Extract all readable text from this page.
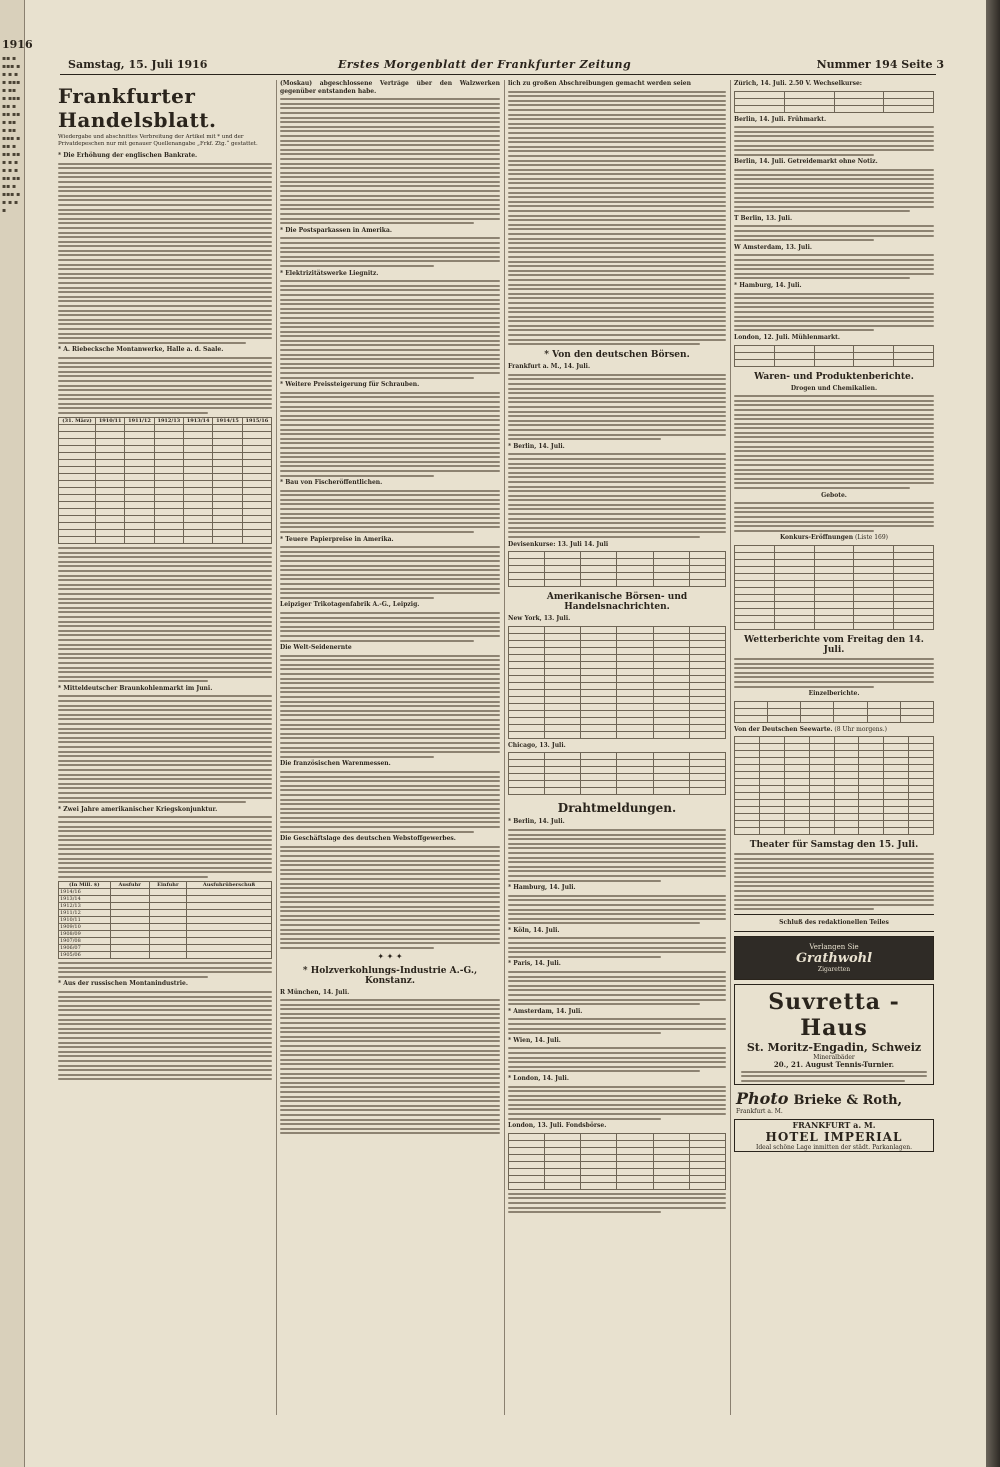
1916
▪▪ ▪ ▪▪▪ ▪▪ ▪ ▪▪ ▪▪▪ ▪ ▪▪ ▪ ▪▪▪ ▪▪ ▪ ▪▪ ▪▪▪ ▪▪ ▪ ▪▪ ▪▪▪ ▪ ▪▪ ▪ ▪▪ ▪▪▪ ▪ ▪▪ ▪ ▪▪▪ ▪▪ ▪▪ ▪ ▪▪▪ ▪▪ ▪ ▪▪
Samstag, 15. Juli 1916	Erstes Morgenblatt der Frankfurter Zeitung	Nummer 194 Seite 3
Frankfurter Handelsblatt.
Wiedergabe und abschnittes Verbreitung der Artikel mit * und der Privatdepeschen nur mit genauer Quellenangabe „Frkf. Ztg.“ gestattet.
* Die Erhöhung der englischen Bankrate.
* A. Riebecksche Montanwerke, Halle a. d. Saale.
(31. März)	1910/11	1911/12	1912/13	1913/14	1914/15	1915/16

* Mitteldeutscher Braunkohlenmarkt im Juni.
* Zwei Jahre amerikanischer Kriegskonjunktur.
(In Mill. $)	Ausfuhr	Einfuhr	Ausfuhrüberschuß
1914/16			
1913/14			
1912/13			
1911/12			
1910/11			
1909/10			
1908/09			
1907/08			
1906/07			
1905/06			
* Aus der russischen Montanindustrie.
(Moskau) abgeschlossene Verträge über den Walzwerken gegenüber entstanden habe.
* Die Postsparkassen in Amerika.
* Elektrizitätswerke Liegnitz.
* Weitere Preissteigerung für Schrauben.
* Bau von Fischeröffentlichen.
* Teuere Papierpreise in Amerika.
Leipziger Trikotagenfabrik A.-G., Leipzig.
Die Welt-Seidenernte
Die französischen Warenmessen.
Die Geschäftslage des deutschen Webstoffgewerbes.
✦ ✦ ✦
* Holzverkohlungs-Industrie A.-G., Konstanz.
R München, 14. Juli.
lich zu großen Abschreibungen gemacht werden seien
* Von den deutschen Börsen.
Frankfurt a. M., 14. Juli.
* Berlin, 14. Juli.
Devisenkurse: 13. Juli 14. Juli

Amerikanische Börsen- und Handelsnachrichten.
New York, 13. Juli.

Chicago, 13. Juli.

Drahtmeldungen.
* Berlin, 14. Juli.
* Hamburg, 14. Juli.
* Köln, 14. Juli.
* Paris, 14. Juli.
* Amsterdam, 14. Juli.
* Wien, 14. Juli.
* London, 14. Juli.
London, 13. Juli. Fondsbörse.

Zürich, 14. Juli. 2.50 V. Wechselkurse:

Berlin, 14. Juli. Frühmarkt.
Berlin, 14. Juli. Getreidemarkt ohne Notiz.
T Berlin, 13. Juli.
W Amsterdam, 13. Juli.
* Hamburg, 14. Juli.
London, 12. Juli. Mühlenmarkt.

Waren- und Produktenberichte.
Drogen und Chemikalien.
Gebote.
Konkurs-Eröffnungen (Liste 169)

Wetterberichte vom Freitag den 14. Juli.
Einzelberichte.

Von der Deutschen Seewarte. (8 Uhr morgens.)

Theater für Samstag den 15. Juli.
Schluß des redaktionellen Teiles
Verlangen Sie
Grathwohl
Zigaretten
Suvretta - Haus
St. Moritz-Engadin, Schweiz
Mineralbäder
20., 21. August Tennis-Turnier.
Photo Brieke & Roth,
Frankfurt a. M.
FRANKFURT a. M.
HOTEL IMPERIAL
Ideal schöne Lage inmitten der städt. Parkanlagen.
